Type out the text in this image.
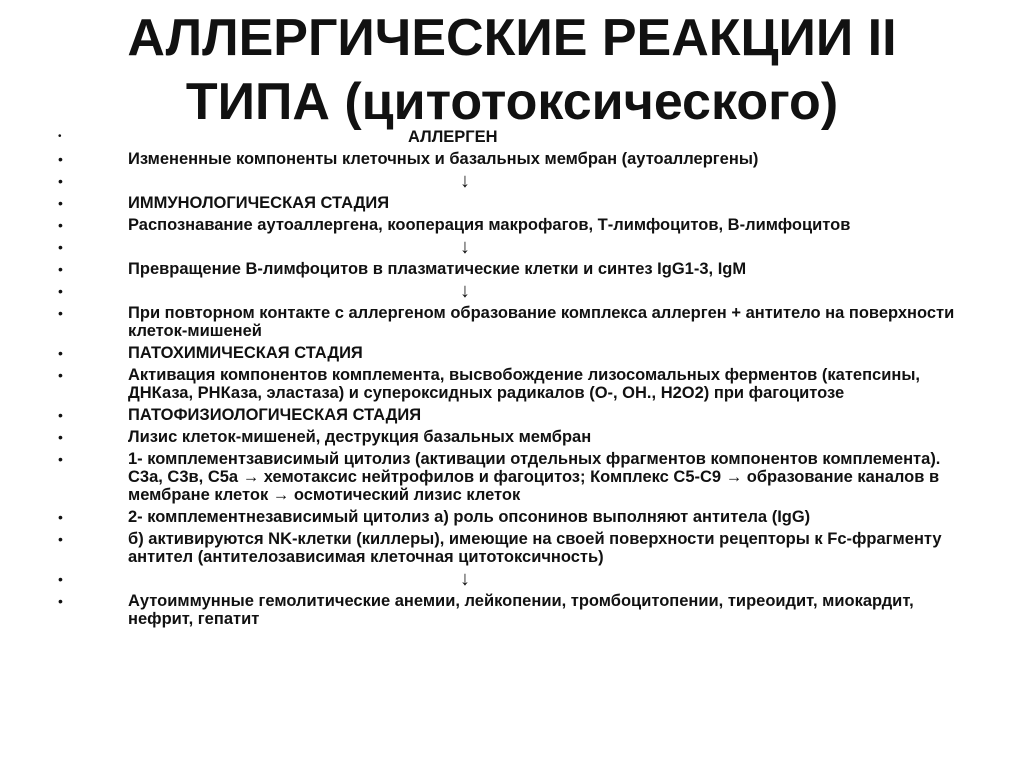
АЛЛЕРГИЧЕСКИЕ РЕАКЦИИ II
ТИПА (цитотоксического)
•	АЛЛЕРГЕН
•	Измененные компоненты клеточных и базальных мембран (аутоаллергены)
•	↓
•	ИММУНОЛОГИЧЕСКАЯ СТАДИЯ
•	Распознавание аутоаллергена, кооперация макрофагов, Т-лимфоцитов, В-лимфоцитов
•	↓
•	Превращение В-лимфоцитов в плазматические клетки и синтез IgG1-3, IgM
•	↓
•	При повторном контакте с аллергеном образование комплекса аллерген + антитело на поверхности клеток-мишеней
•	ПАТОХИМИЧЕСКАЯ СТАДИЯ
•	Активация компонентов комплемента, высвобождение лизосомальных ферментов (катепсины, ДНКаза, РНКаза, эластаза) и супероксидных радикалов (О-, ОН., Н2О2) при фагоцитозе
•	ПАТОФИЗИОЛОГИЧЕСКАЯ СТАДИЯ
•	Лизис клеток-мишеней, деструкция базальных мембран
•	1- комплементзависимый цитолиз (активации отдельных фрагментов компонентов комплемента). С3а, С3в, С5а → хемотаксис нейтрофилов и фагоцитоз; Комплекс С5-С9 → образование каналов в мембране клеток → осмотический лизис клеток
•	2- комплементнезависимый цитолиз а) роль опсонинов выполняют антитела (IgG)
•	б) активируются NK-клетки (киллеры), имеющие на своей поверхности рецепторы к Fc-фрагменту антител (антителозависимая клеточная цитотоксичность)
•	↓
•	Аутоиммунные гемолитические анемии, лейкопении, тромбоцитопении, тиреоидит, миокардит, нефрит, гепатит
